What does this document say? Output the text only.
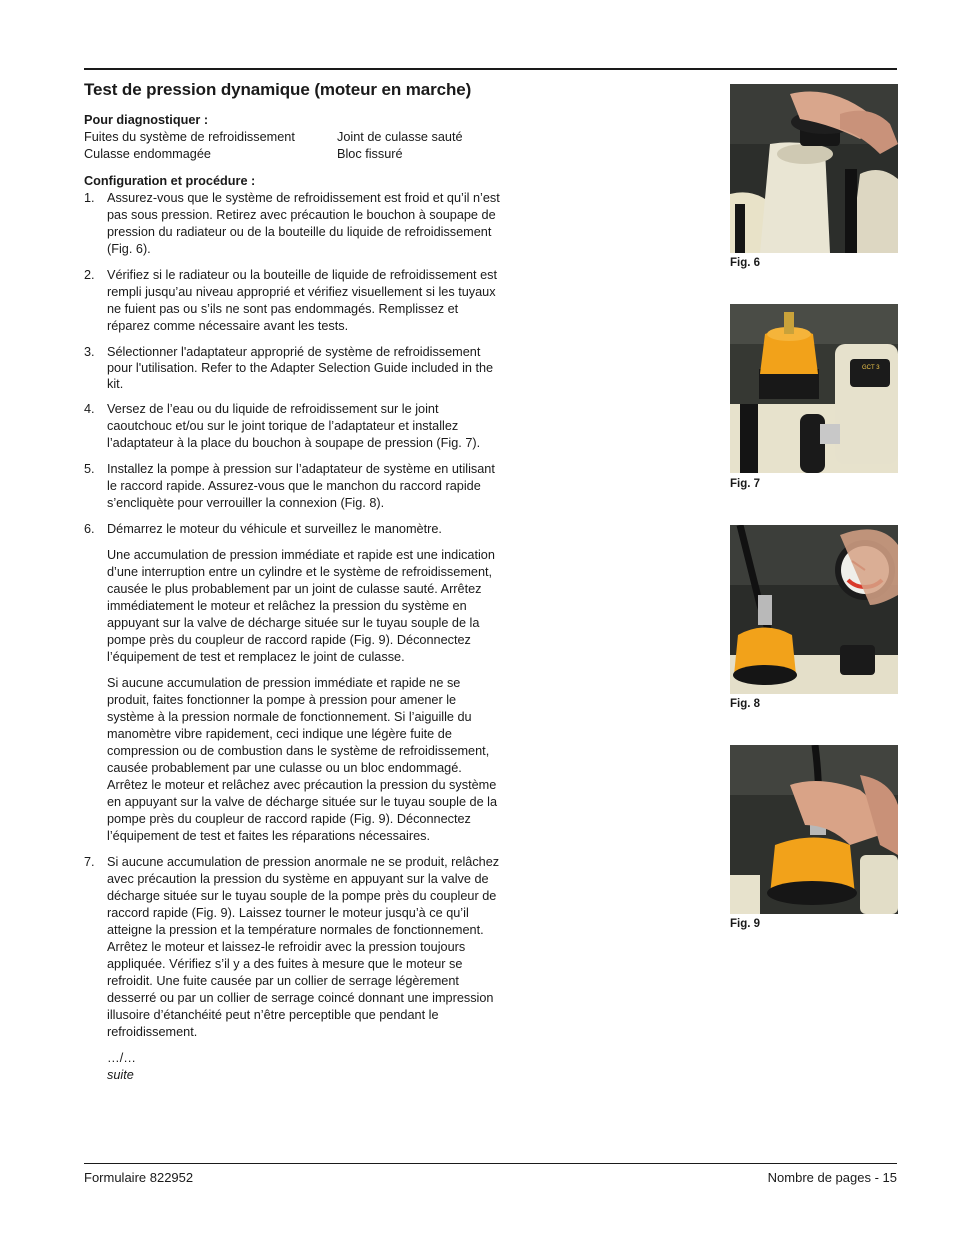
Test de pression dynamique (moteur en marche)
Pour diagnostiquer :
Fuites du système de refroidissement	Joint de culasse sauté
Culasse endommagée	Bloc fissuré
Configuration et procédure :
1. Assurez-vous que le système de refroidissement est froid et qu’il n’est pas sous pression. Retirez avec précaution le bouchon à soupape de pression du radiateur ou de la bouteille du liquide de refroidissement (Fig. 6).

2. Vérifiez si le radiateur ou la bouteille de liquide de refroidissement est rempli jusqu’au niveau approprié et vérifiez visuellement si les tuyaux ne fuient pas ou s’ils ne sont pas endommagés. Remplissez et réparez comme nécessaire avant les tests.

3. Sélectionner l'adaptateur approprié de système de refroidissement pour l'utilisation. Refer to the Adapter Selection Guide included in the kit.

4. Versez de l’eau ou du liquide de refroidissement sur le joint caoutchouc et/ou sur le joint torique de l’adaptateur et installez l’adaptateur à la place du bouchon à soupape de pression (Fig. 7).

5. Installez la pompe à pression sur l’adaptateur de système en utilisant le raccord rapide. Assurez-vous que le manchon du raccord rapide s’encliquète pour verrouiller la connexion (Fig. 8).

6. Démarrez le moteur du véhicule et surveillez le manomètre.

Une accumulation de pression immédiate et rapide est une indication d’une interruption entre un cylindre et le système de refroidissement, causée le plus probablement par un joint de culasse sauté. Arrêtez immédiatement le moteur et relâchez la pression du système en appuyant sur la valve de décharge située sur le tuyau souple de la pompe près du coupleur de raccord rapide (Fig. 9). Déconnectez l’équipement de test et remplacez le joint de culasse.

Si aucune accumulation de pression immédiate et rapide ne se produit, faites fonctionner la pompe à pression pour amener le système à la pression normale de fonctionnement. Si l’aiguille du manomètre vibre rapidement, ceci indique une légère fuite de compression ou de combustion dans le système de refroidissement, causée probablement par une culasse ou un bloc endommagé. Arrêtez le moteur et relâchez avec précaution la pression du système en appuyant sur la valve de décharge située sur le tuyau souple de la pompe près du coupleur de raccord rapide (Fig. 9). Déconnectez l’équipement de test et faites les réparations nécessaires.

7. Si aucune accumulation de pression anormale ne se produit, relâchez avec précaution la pression du système en appuyant sur la valve de décharge située sur le tuyau souple de la pompe près du coupleur de raccord rapide (Fig. 9). Laissez tourner le moteur jusqu’à ce qu’il atteigne la pression et la température normales de fonctionnement. Arrêtez le moteur et laissez-le refroidir avec la pression toujours appliquée. Vérifiez s’il y a des fuites à mesure que le moteur se refroidit. Une fuite causée par un collier de serrage légèrement desserré ou par un collier de serrage coincé donnant une impression illusoire d’étanchéité peut n’être perceptible que pendant le refroidissement.

…/…
suite
Fig. 6
GCT 3
Fig. 7
Fig. 8
Fig. 9
Formulaire 822952	Nombre de pages - 15
